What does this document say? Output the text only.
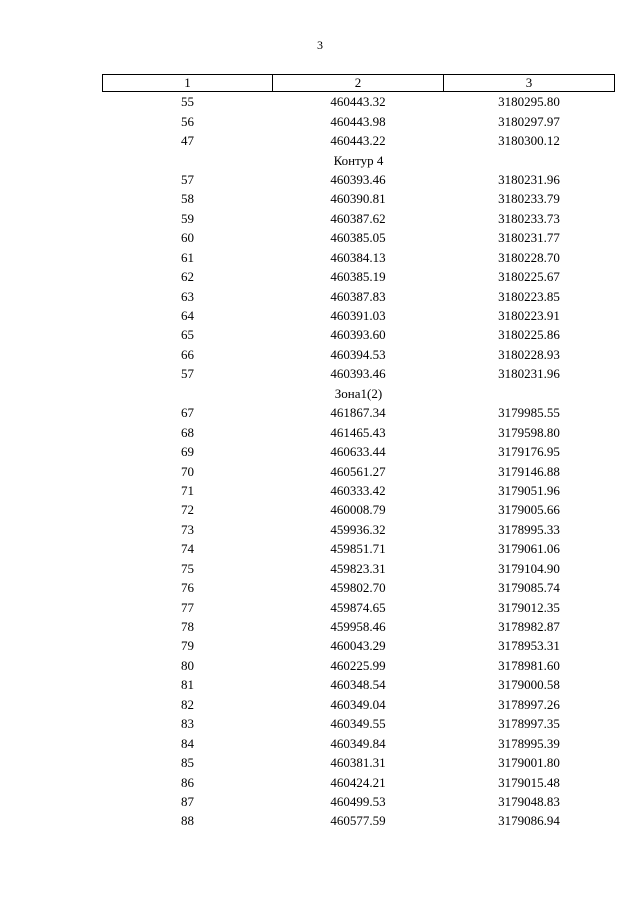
3
1	2	3
55	460443.32	3180295.80
56	460443.98	3180297.97
47	460443.22	3180300.12
Контур 4		
57	460393.46	3180231.96
58	460390.81	3180233.79
59	460387.62	3180233.73
60	460385.05	3180231.77
61	460384.13	3180228.70
62	460385.19	3180225.67
63	460387.83	3180223.85
64	460391.03	3180223.91
65	460393.60	3180225.86
66	460394.53	3180228.93
57	460393.46	3180231.96
Зона1(2)		
67	461867.34	3179985.55
68	461465.43	3179598.80
69	460633.44	3179176.95
70	460561.27	3179146.88
71	460333.42	3179051.96
72	460008.79	3179005.66
73	459936.32	3178995.33
74	459851.71	3179061.06
75	459823.31	3179104.90
76	459802.70	3179085.74
77	459874.65	3179012.35
78	459958.46	3178982.87
79	460043.29	3178953.31
80	460225.99	3178981.60
81	460348.54	3179000.58
82	460349.04	3178997.26
83	460349.55	3178997.35
84	460349.84	3178995.39
85	460381.31	3179001.80
86	460424.21	3179015.48
87	460499.53	3179048.83
88	460577.59	3179086.94
